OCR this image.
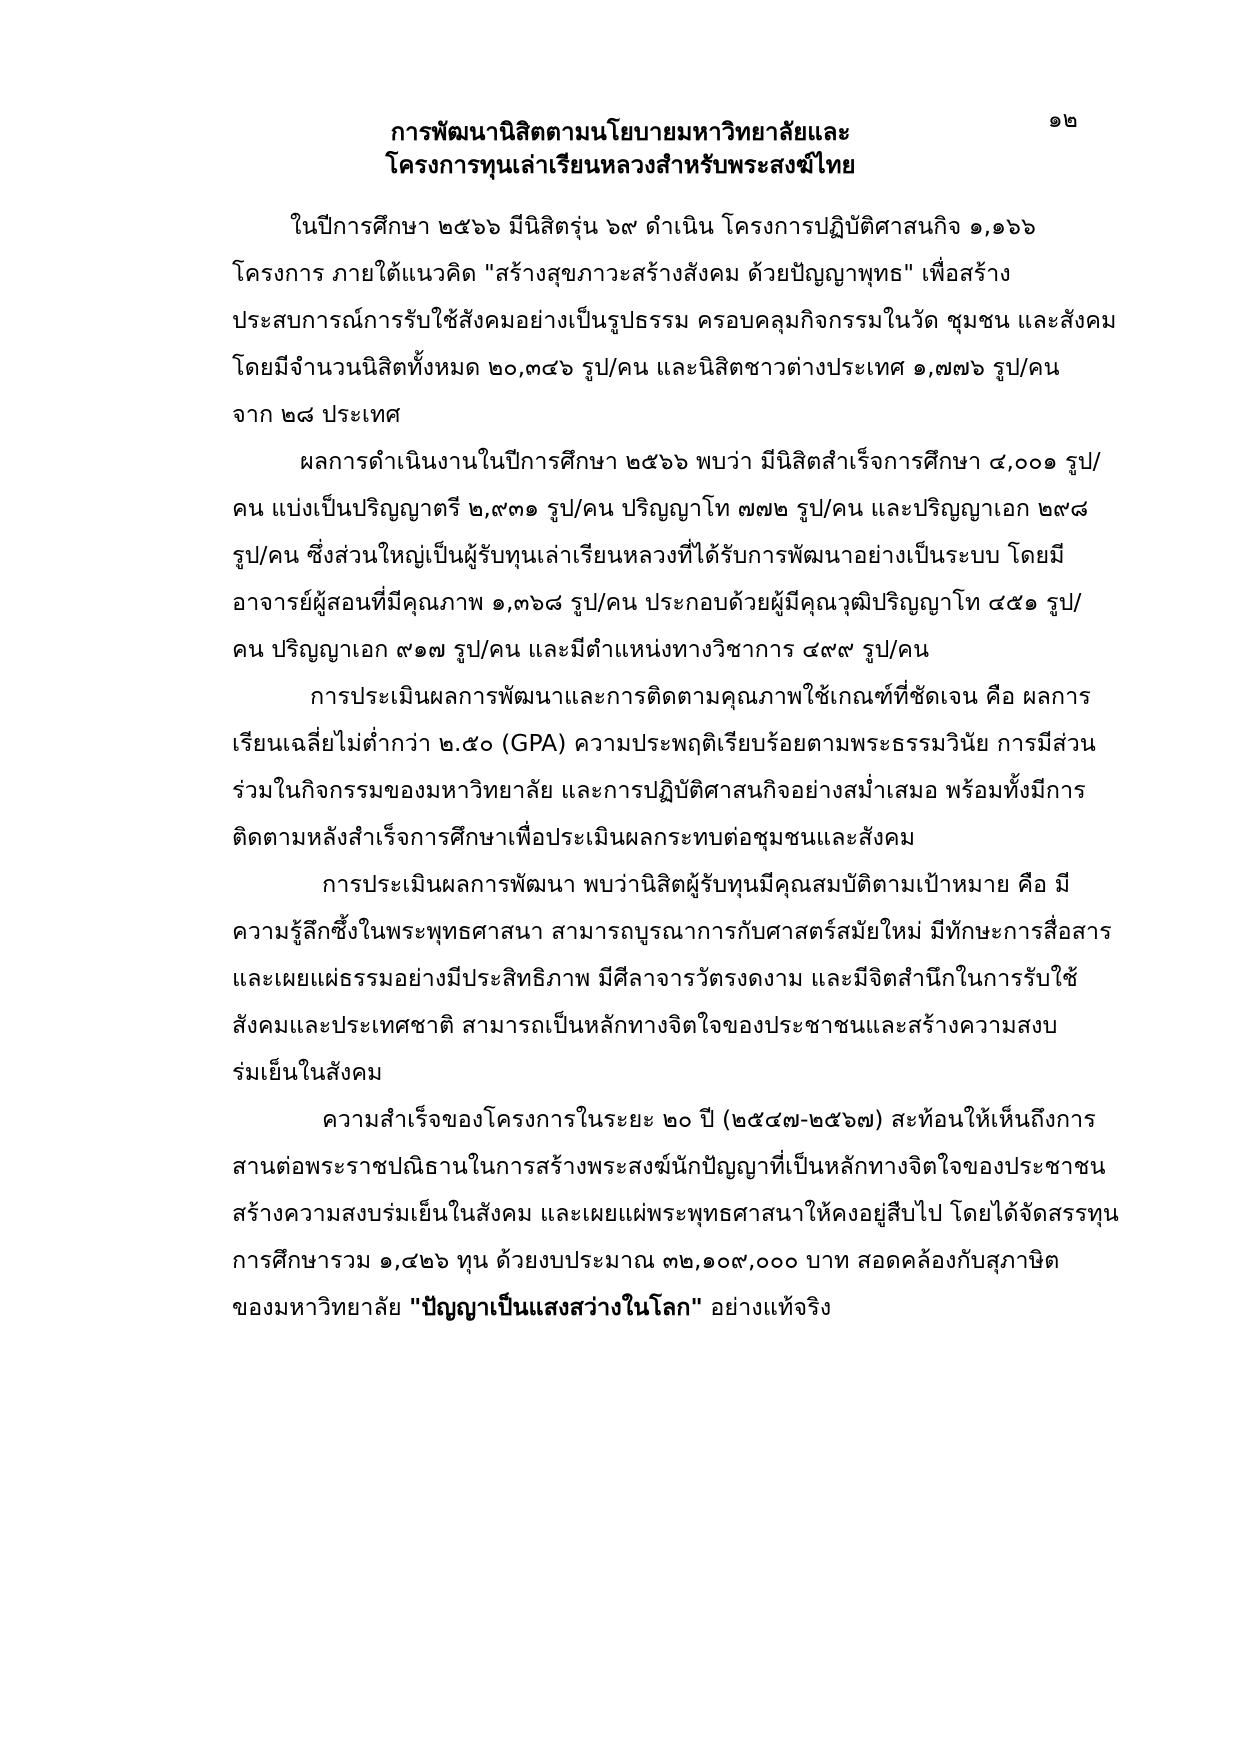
๑๒
การพัฒนานิสิตตามนโยบายมหาวิทยาลัยและ
โครงการทุนเล่าเรียนหลวงสำหรับพระสงฆ์ไทย
ในปีการศึกษา ๒๕๖๖ มีนิสิตรุ่น ๖๙ ดำเนิน โครงการปฏิบัติศาสนกิจ ๑,๑๖๖
โครงการ ภายใต้แนวคิด "สร้างสุขภาวะสร้างสังคม ด้วยปัญญาพุทธ" เพื่อสร้าง
ประสบการณ์การรับใช้สังคมอย่างเป็นรูปธรรม ครอบคลุมกิจกรรมในวัด ชุมชน และสังคม
โดยมีจำนวนนิสิตทั้งหมด ๒๐,๓๔๖ รูป/คน และนิสิตชาวต่างประเทศ ๑,๗๗๖ รูป/คน
จาก ๒๘ ประเทศ
ผลการดำเนินงานในปีการศึกษา ๒๕๖๖ พบว่า มีนิสิตสำเร็จการศึกษา ๔,๐๐๑ รูป/
คน แบ่งเป็นปริญญาตรี ๒,๙๓๑ รูป/คน ปริญญาโท ๗๗๒ รูป/คน และปริญญาเอก ๒๙๘
รูป/คน ซึ่งส่วนใหญ่เป็นผู้รับทุนเล่าเรียนหลวงที่ได้รับการพัฒนาอย่างเป็นระบบ โดยมี
อาจารย์ผู้สอนที่มีคุณภาพ ๑,๓๖๘ รูป/คน ประกอบด้วยผู้มีคุณวุฒิปริญญาโท ๔๕๑ รูป/
คน ปริญญาเอก ๙๑๗ รูป/คน และมีตำแหน่งทางวิชาการ ๔๙๙ รูป/คน
การประเมินผลการพัฒนาและการติดตามคุณภาพใช้เกณฑ์ที่ชัดเจน คือ ผลการ
เรียนเฉลี่ยไม่ต่ำกว่า ๒.๕๐ (GPA) ความประพฤติเรียบร้อยตามพระธรรมวินัย การมีส่วน
ร่วมในกิจกรรมของมหาวิทยาลัย และการปฏิบัติศาสนกิจอย่างสม่ำเสมอ พร้อมทั้งมีการ
ติดตามหลังสำเร็จการศึกษาเพื่อประเมินผลกระทบต่อชุมชนและสังคม
การประเมินผลการพัฒนา พบว่านิสิตผู้รับทุนมีคุณสมบัติตามเป้าหมาย คือ มี
ความรู้ลึกซึ้งในพระพุทธศาสนา สามารถบูรณาการกับศาสตร์สมัยใหม่ มีทักษะการสื่อสาร
และเผยแผ่ธรรมอย่างมีประสิทธิภาพ มีศีลาจารวัตรงดงาม และมีจิตสำนึกในการรับใช้
สังคมและประเทศชาติ สามารถเป็นหลักทางจิตใจของประชาชนและสร้างความสงบ
ร่มเย็นในสังคม
ความสำเร็จของโครงการในระยะ ๒๐ ปี (๒๕๔๗-๒๕๖๗) สะท้อนให้เห็นถึงการ
สานต่อพระราชปณิธานในการสร้างพระสงฆ์นักปัญญาที่เป็นหลักทางจิตใจของประชาชน
สร้างความสงบร่มเย็นในสังคม และเผยแผ่พระพุทธศาสนาให้คงอยู่สืบไป โดยได้จัดสรรทุน
การศึกษารวม ๑,๔๒๖ ทุน ด้วยงบประมาณ ๓๒,๑๐๙,๐๐๐ บาท สอดคล้องกับสุภาษิต
ของมหาวิทยาลัย "ปัญญาเป็นแสงสว่างในโลก" อย่างแท้จริง
